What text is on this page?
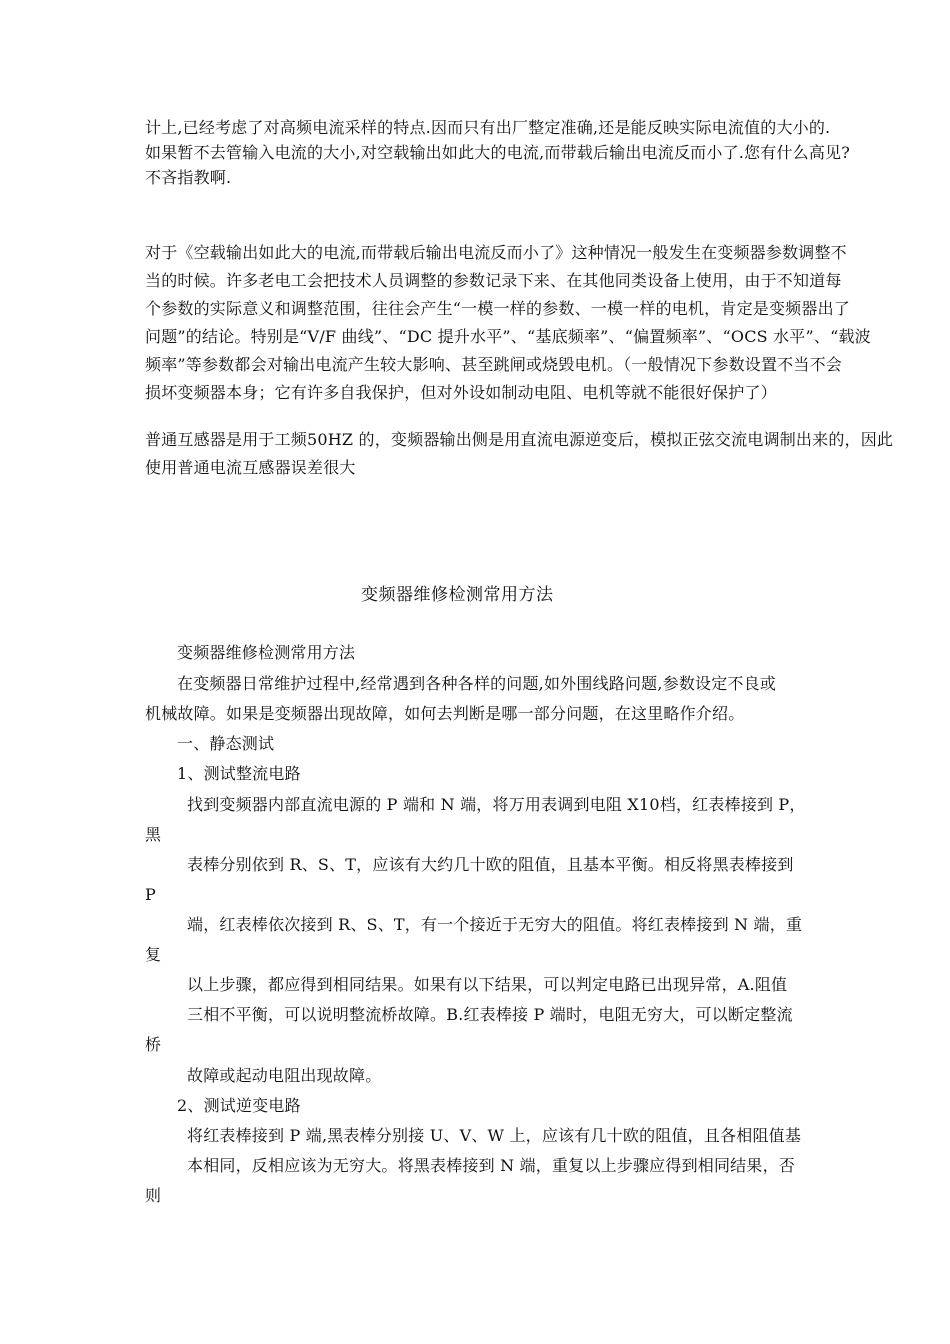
计上,已经考虑了对高频电流采样的特点.因而只有出厂整定准确,还是能反映实际电流值的大小的.
如果暂不去管输入电流的大小,对空载输出如此大的电流,而带载后输出电流反而小了.您有什么高见?
不吝指教啊.
对于《空载输出如此大的电流,而带载后输出电流反而小了》这种情况一般发生在变频器参数调整不
当的时候。许多老电工会把技术人员调整的参数记录下来、在其他同类设备上使用，由于不知道每
个参数的实际意义和调整范围，往往会产生“一模一样的参数、一模一样的电机，肯定是变频器出了
问题”的结论。特别是“V/F 曲线”、“DC 提升水平”、“基底频率”、“偏置频率”、“OCS 水平”、“载波
频率”等参数都会对输出电流产生较大影响、甚至跳闸或烧毁电机。（一般情况下参数设置不当不会
损坏变频器本身；它有许多自我保护，但对外设如制动电阻、电机等就不能很好保护了）
普通互感器是用于工频50HZ 的，变频器输出侧是用直流电源逆变后，模拟正弦交流电调制出来的，因此
使用普通电流互感器误差很大
变频器维修检测常用方法
变频器维修检测常用方法
在变频器日常维护过程中,经常遇到各种各样的问题,如外围线路问题,参数设定不良或
机械故障。如果是变频器出现故障，如何去判断是哪一部分问题，在这里略作介绍。
一、静态测试
1、测试整流电路
找到变频器内部直流电源的 P 端和 N 端，将万用表调到电阻 X10档，红表棒接到 P，
黑
表棒分别依到 R、S、T，应该有大约几十欧的阻值，且基本平衡。相反将黑表棒接到
P
端，红表棒依次接到 R、S、T，有一个接近于无穷大的阻值。将红表棒接到 N 端，重
复
以上步骤，都应得到相同结果。如果有以下结果，可以判定电路已出现异常，A.阻值
三相不平衡，可以说明整流桥故障。B.红表棒接 P 端时，电阻无穷大，可以断定整流
桥
故障或起动电阻出现故障。
2、测试逆变电路
将红表棒接到 P 端,黑表棒分别接 U、V、W 上，应该有几十欧的阻值，且各相阻值基
本相同，反相应该为无穷大。将黑表棒接到 N 端，重复以上步骤应得到相同结果，否
则
